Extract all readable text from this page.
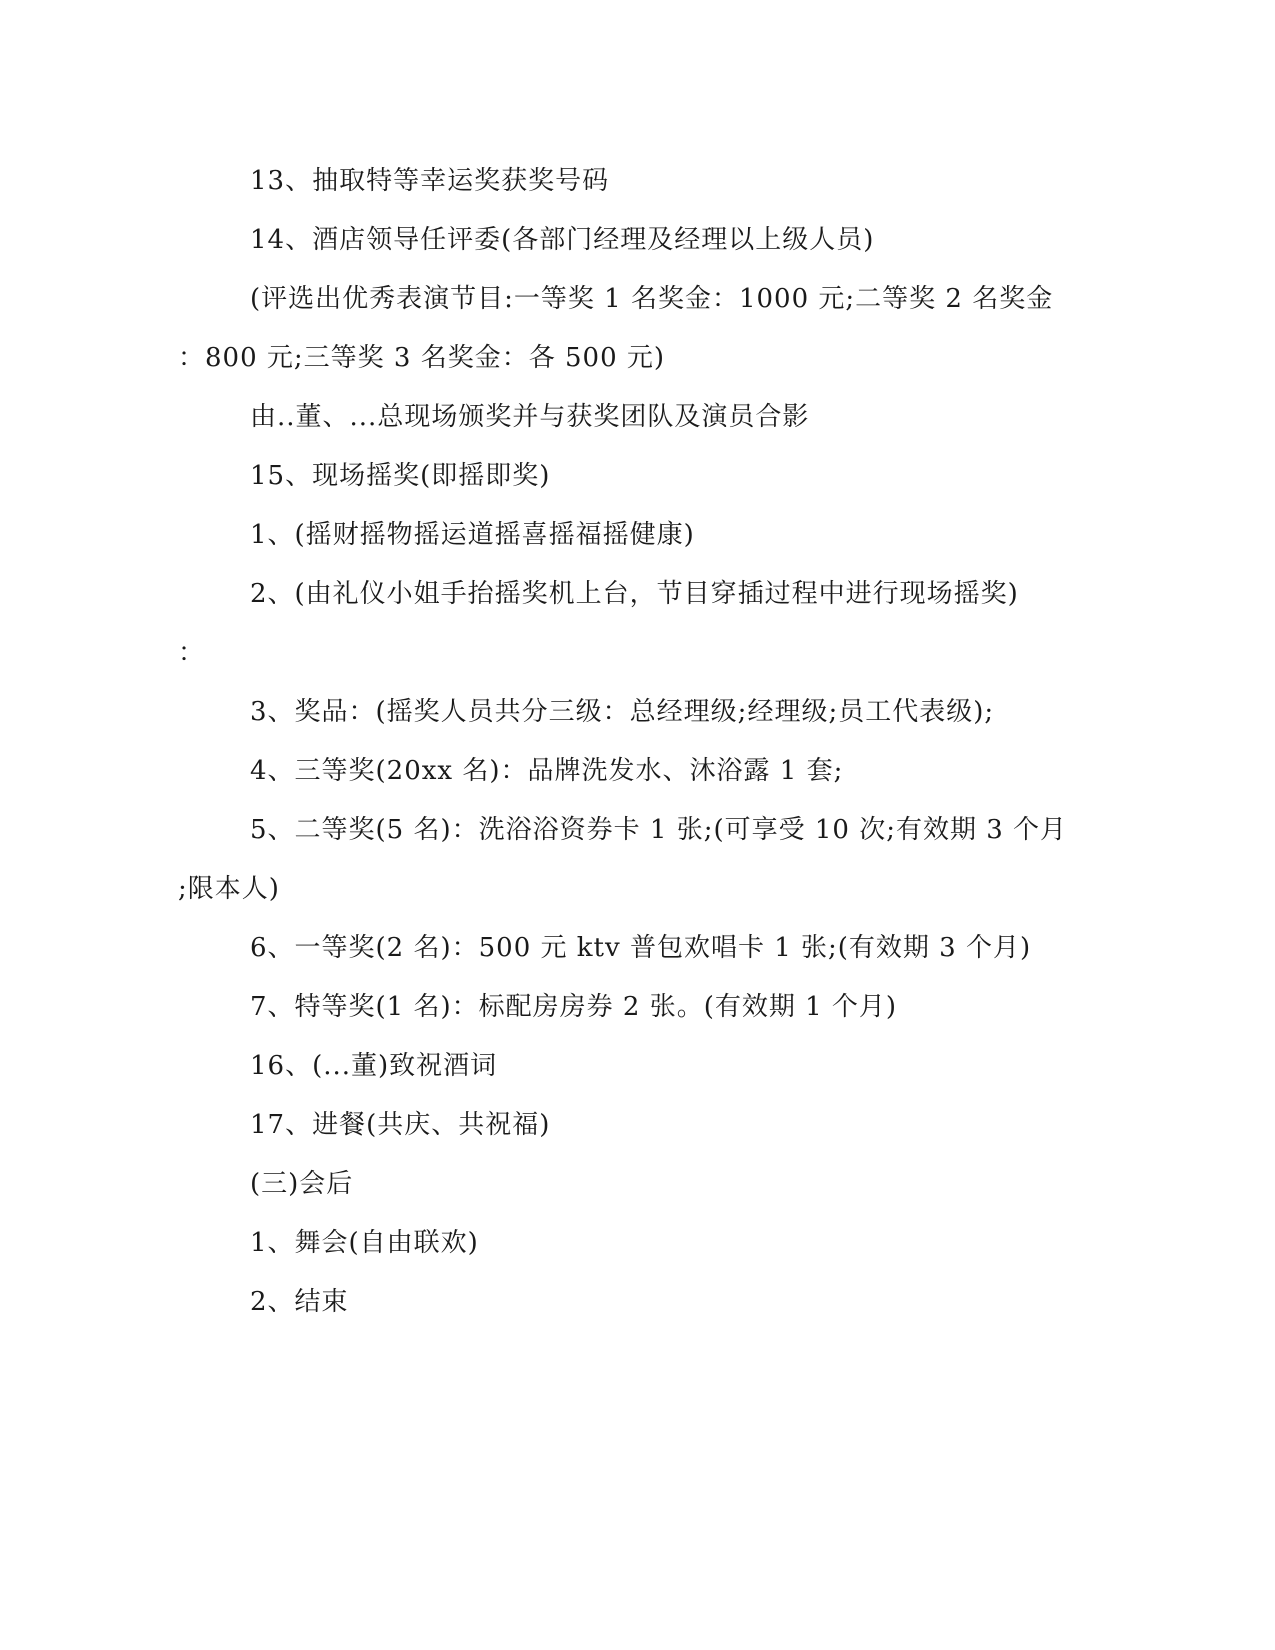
13、抽取特等幸运奖获奖号码
14、酒店领导任评委(各部门经理及经理以上级人员)
(评选出优秀表演节目:一等奖 1 名奖金：1000 元;二等奖 2 名奖金
：800 元;三等奖 3 名奖金：各 500 元)
由..董、...总现场颁奖并与获奖团队及演员合影
15、现场摇奖(即摇即奖)
1、(摇财摇物摇运道摇喜摇福摇健康)
2、(由礼仪小姐手抬摇奖机上台，节目穿插过程中进行现场摇奖)
：
3、奖品：(摇奖人员共分三级：总经理级;经理级;员工代表级);
4、三等奖(20xx 名)：品牌洗发水、沐浴露 1 套;
5、二等奖(5 名)：洗浴浴资券卡 1 张;(可享受 10 次;有效期 3 个月
;限本人)
6、一等奖(2 名)：500 元 ktv 普包欢唱卡 1 张;(有效期 3 个月)
7、特等奖(1 名)：标配房房券 2 张。(有效期 1 个月)
16、(...董)致祝酒词
17、进餐(共庆、共祝福)
(三)会后
1、舞会(自由联欢)
2、结束
